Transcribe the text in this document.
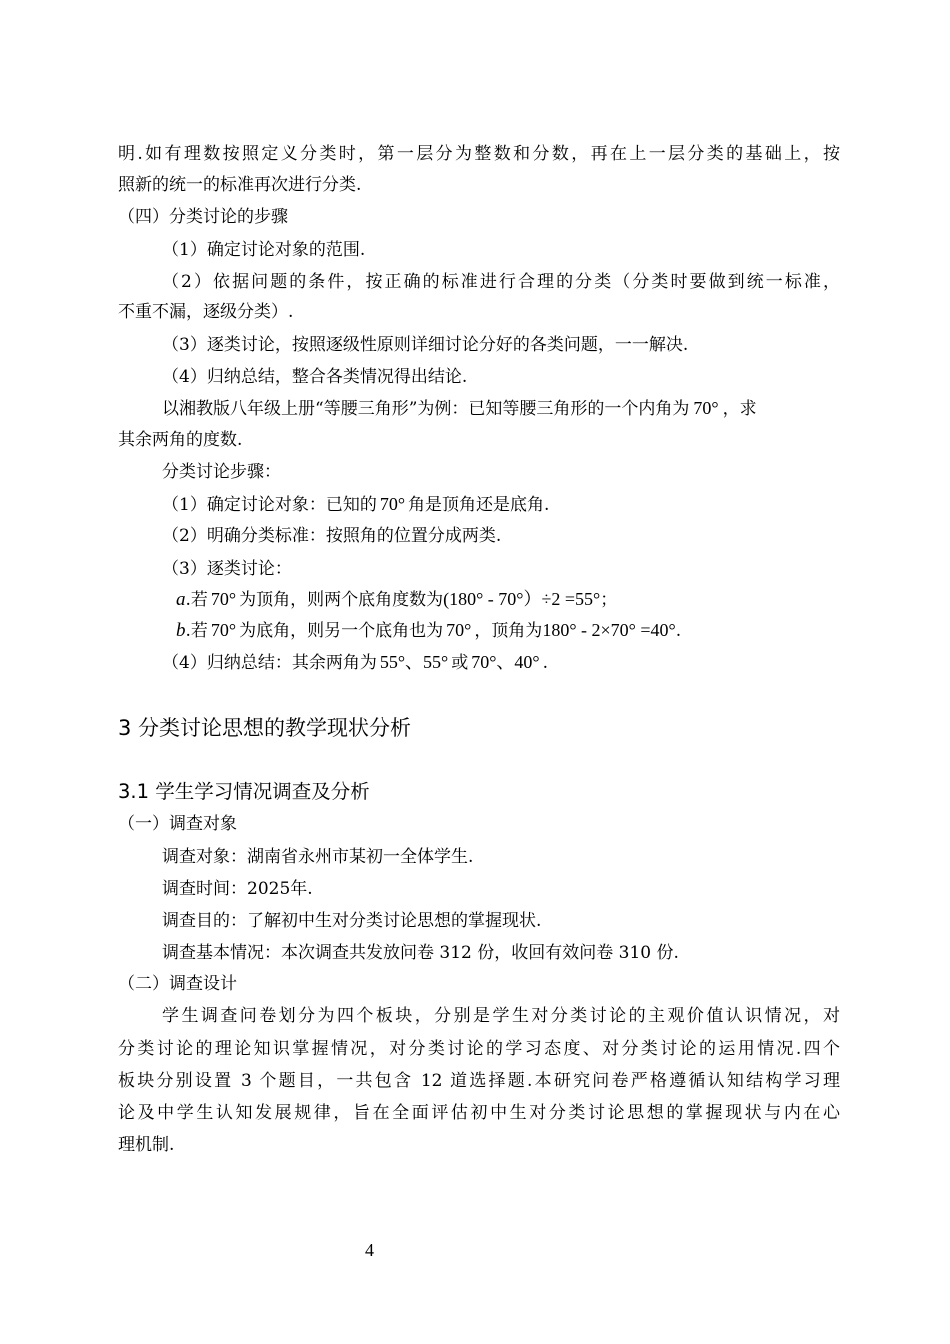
明.如有理数按照定义分类时，第一层分为整数和分数，再在上一层分类的基础上，按
照新的统一的标准再次进行分类.
（四）分类讨论的步骤
（1）确定讨论对象的范围.
（2）依据问题的条件，按正确的标准进行合理的分类（分类时要做到统一标准，
不重不漏，逐级分类）.
（3）逐类讨论，按照逐级性原则详细讨论分好的各类问题，一一解决.
（4）归纳总结，整合各类情况得出结论.
以湘教版八年级上册“等腰三角形”为例：已知等腰三角形的一个内角为 70° ，求
其余两角的度数.
分类讨论步骤：
（1）确定讨论对象：已知的 70° 角是顶角还是底角.
（2）明确分类标准：按照角的位置分成两类.
（3）逐类讨论：
a.若 70° 为顶角，则两个底角度数为(180° - 70°）÷2 =55°；
b.若 70° 为底角，则另一个底角也为 70° ，顶角为180° - 2×70° =40°.
（4）归纳总结：其余两角为 55°、55° 或 70°、40° .
3 分类讨论思想的教学现状分析
3.1 学生学习情况调查及分析
（一）调查对象
调查对象：湖南省永州市某初一全体学生.
调查时间：2025年.
调查目的：了解初中生对分类讨论思想的掌握现状.
调查基本情况：本次调查共发放问卷 312 份，收回有效问卷 310 份.
（二）调查设计
学生调查问卷划分为四个板块，分别是学生对分类讨论的主观价值认识情况，对
分类讨论的理论知识掌握情况，对分类讨论的学习态度、对分类讨论的运用情况.四个
板块分别设置 3 个题目，一共包含 12 道选择题.本研究问卷严格遵循认知结构学习理
论及中学生认知发展规律，旨在全面评估初中生对分类讨论思想的掌握现状与内在心
理机制.
4
